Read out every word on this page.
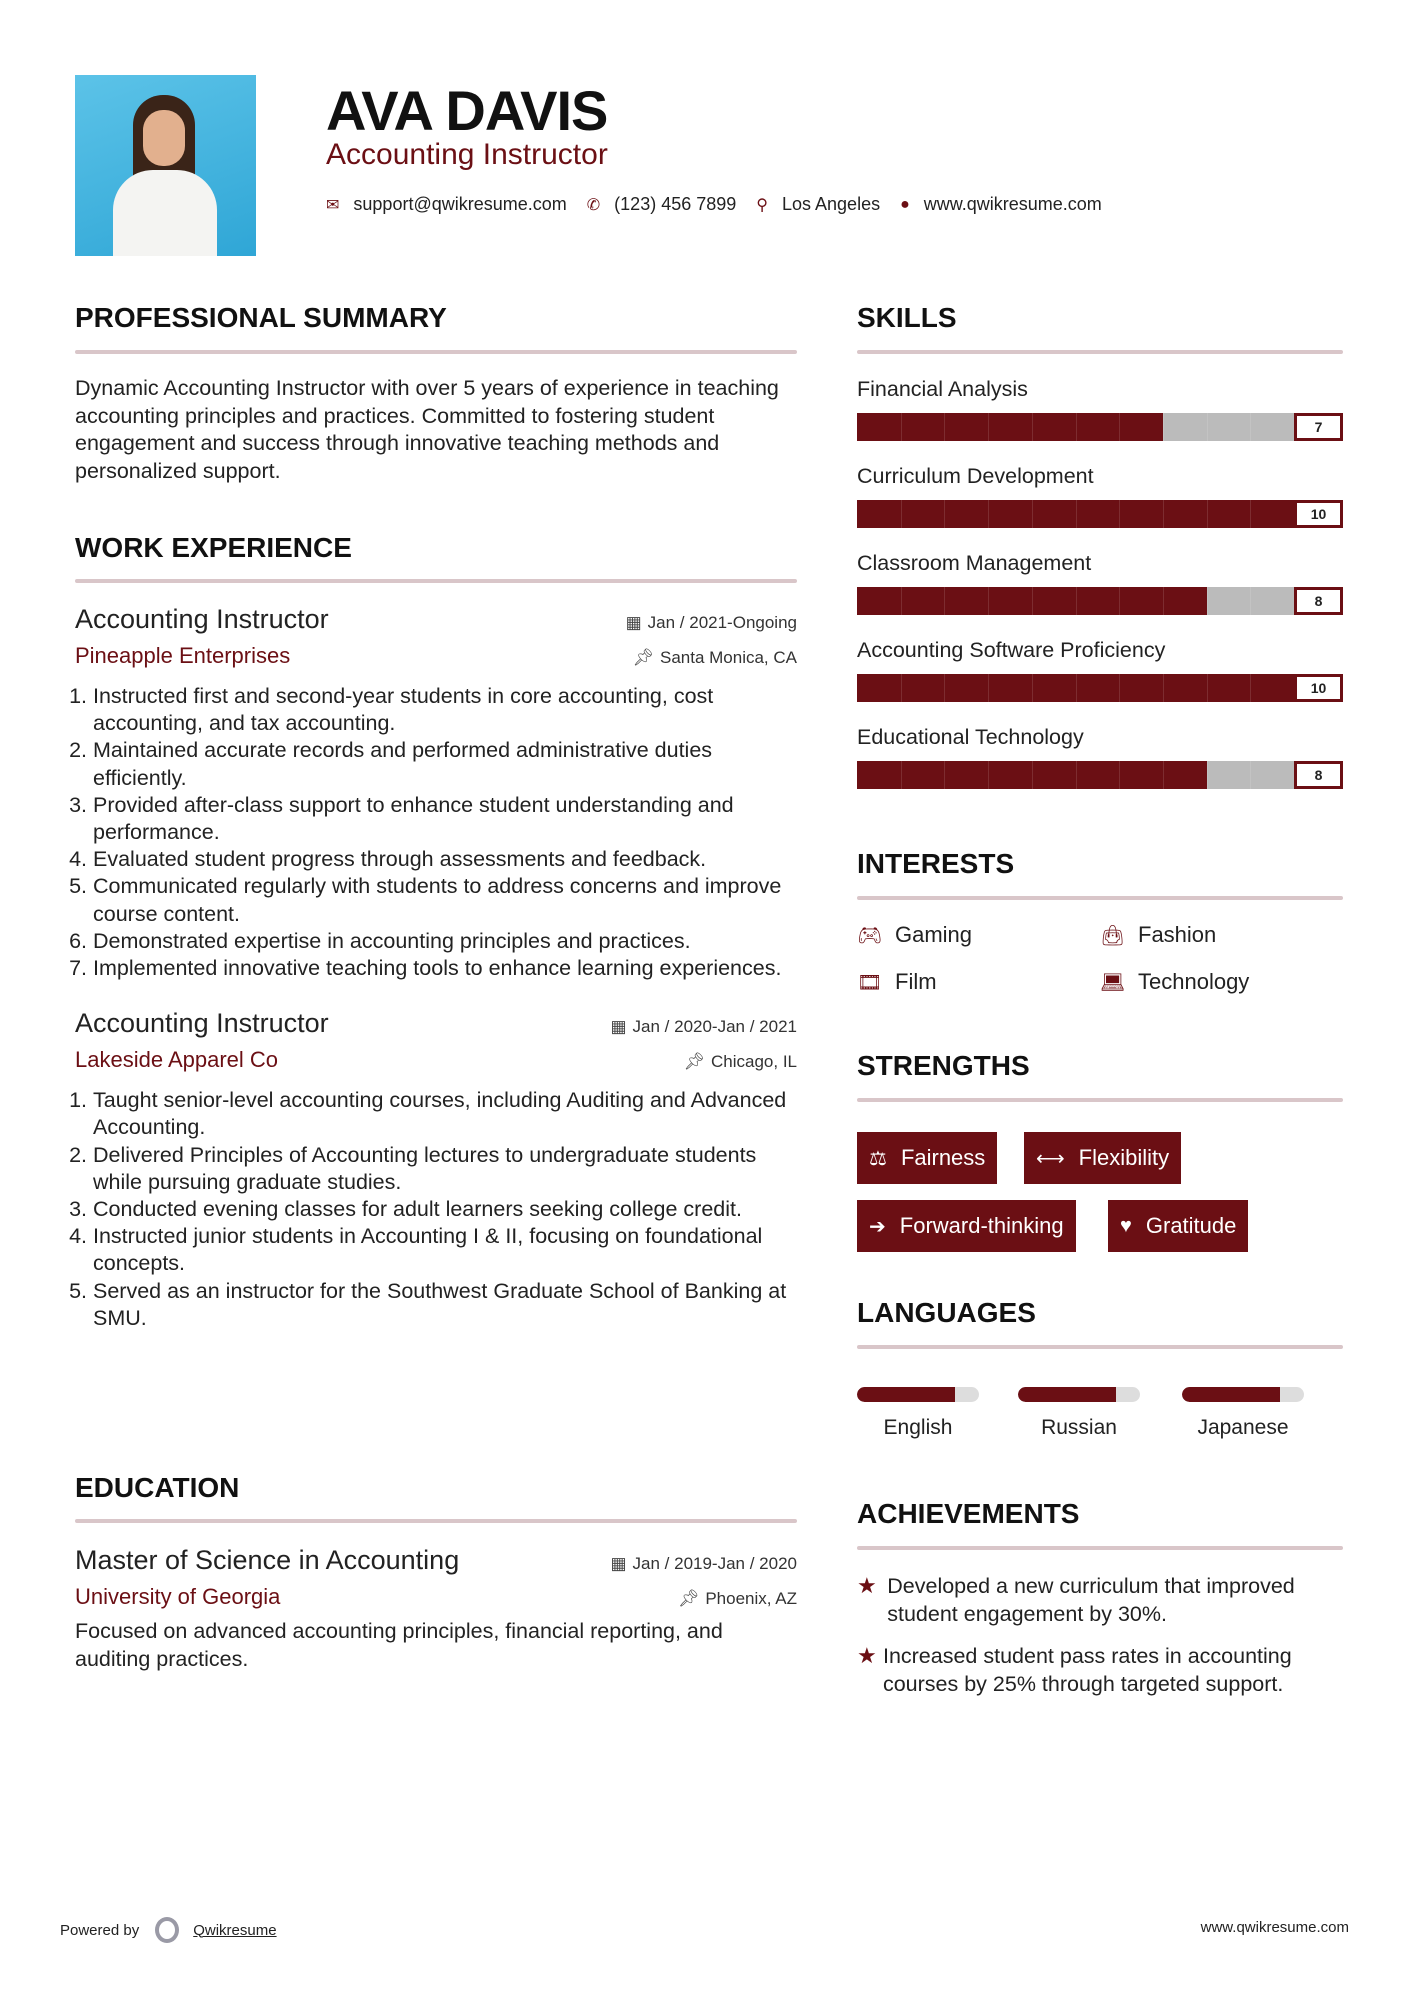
AVA DAVIS
Accounting Instructor
✉ support@qwikresume.com ✆ (123) 456 7899 ⚲ Los Angeles ● www.qwikresume.com
PROFESSIONAL SUMMARY
Dynamic Accounting Instructor with over 5 years of experience in teaching accounting principles and practices. Committed to fostering student engagement and success through innovative teaching methods and personalized support.
WORK EXPERIENCE
Accounting Instructor	▦ Jan / 2021-Ongoing
Pineapple Enterprises	📌︎ Santa Monica, CA
1. Instructed first and second-year students in core accounting, cost accounting, and tax accounting.
2. Maintained accurate records and performed administrative duties efficiently.
3. Provided after-class support to enhance student understanding and performance.
4. Evaluated student progress through assessments and feedback.
5. Communicated regularly with students to address concerns and improve course content.
6. Demonstrated expertise in accounting principles and practices.
7. Implemented innovative teaching tools to enhance learning experiences.
Accounting Instructor	▦ Jan / 2020-Jan / 2021
Lakeside Apparel Co	📌︎ Chicago, IL
1. Taught senior-level accounting courses, including Auditing and Advanced Accounting.
2. Delivered Principles of Accounting lectures to undergraduate students while pursuing graduate studies.
3. Conducted evening classes for adult learners seeking college credit.
4. Instructed junior students in Accounting I & II, focusing on foundational concepts.
5. Served as an instructor for the Southwest Graduate School of Banking at SMU.
EDUCATION
Master of Science in Accounting	▦ Jan / 2019-Jan / 2020
University of Georgia	📌︎ Phoenix, AZ
Focused on advanced accounting principles, financial reporting, and auditing practices.
SKILLS
Financial Analysis
7
Curriculum Development
10
Classroom Management
8
Accounting Software Proficiency
10
Educational Technology
8
INTERESTS
🎮︎ Gaming	👜︎ Fashion
🎞︎ Film	💻︎ Technology
STRENGTHS
⚖ Fairness	⟷ Flexibility
➔ Forward-thinking	♥ Gratitude
LANGUAGES
English	Russian	Japanese
ACHIEVEMENTS
★ Developed a new curriculum that improved student engagement by 30%.
★ Increased student pass rates in accounting courses by 25% through targeted support.
Powered by	Qwikresume	www.qwikresume.com
